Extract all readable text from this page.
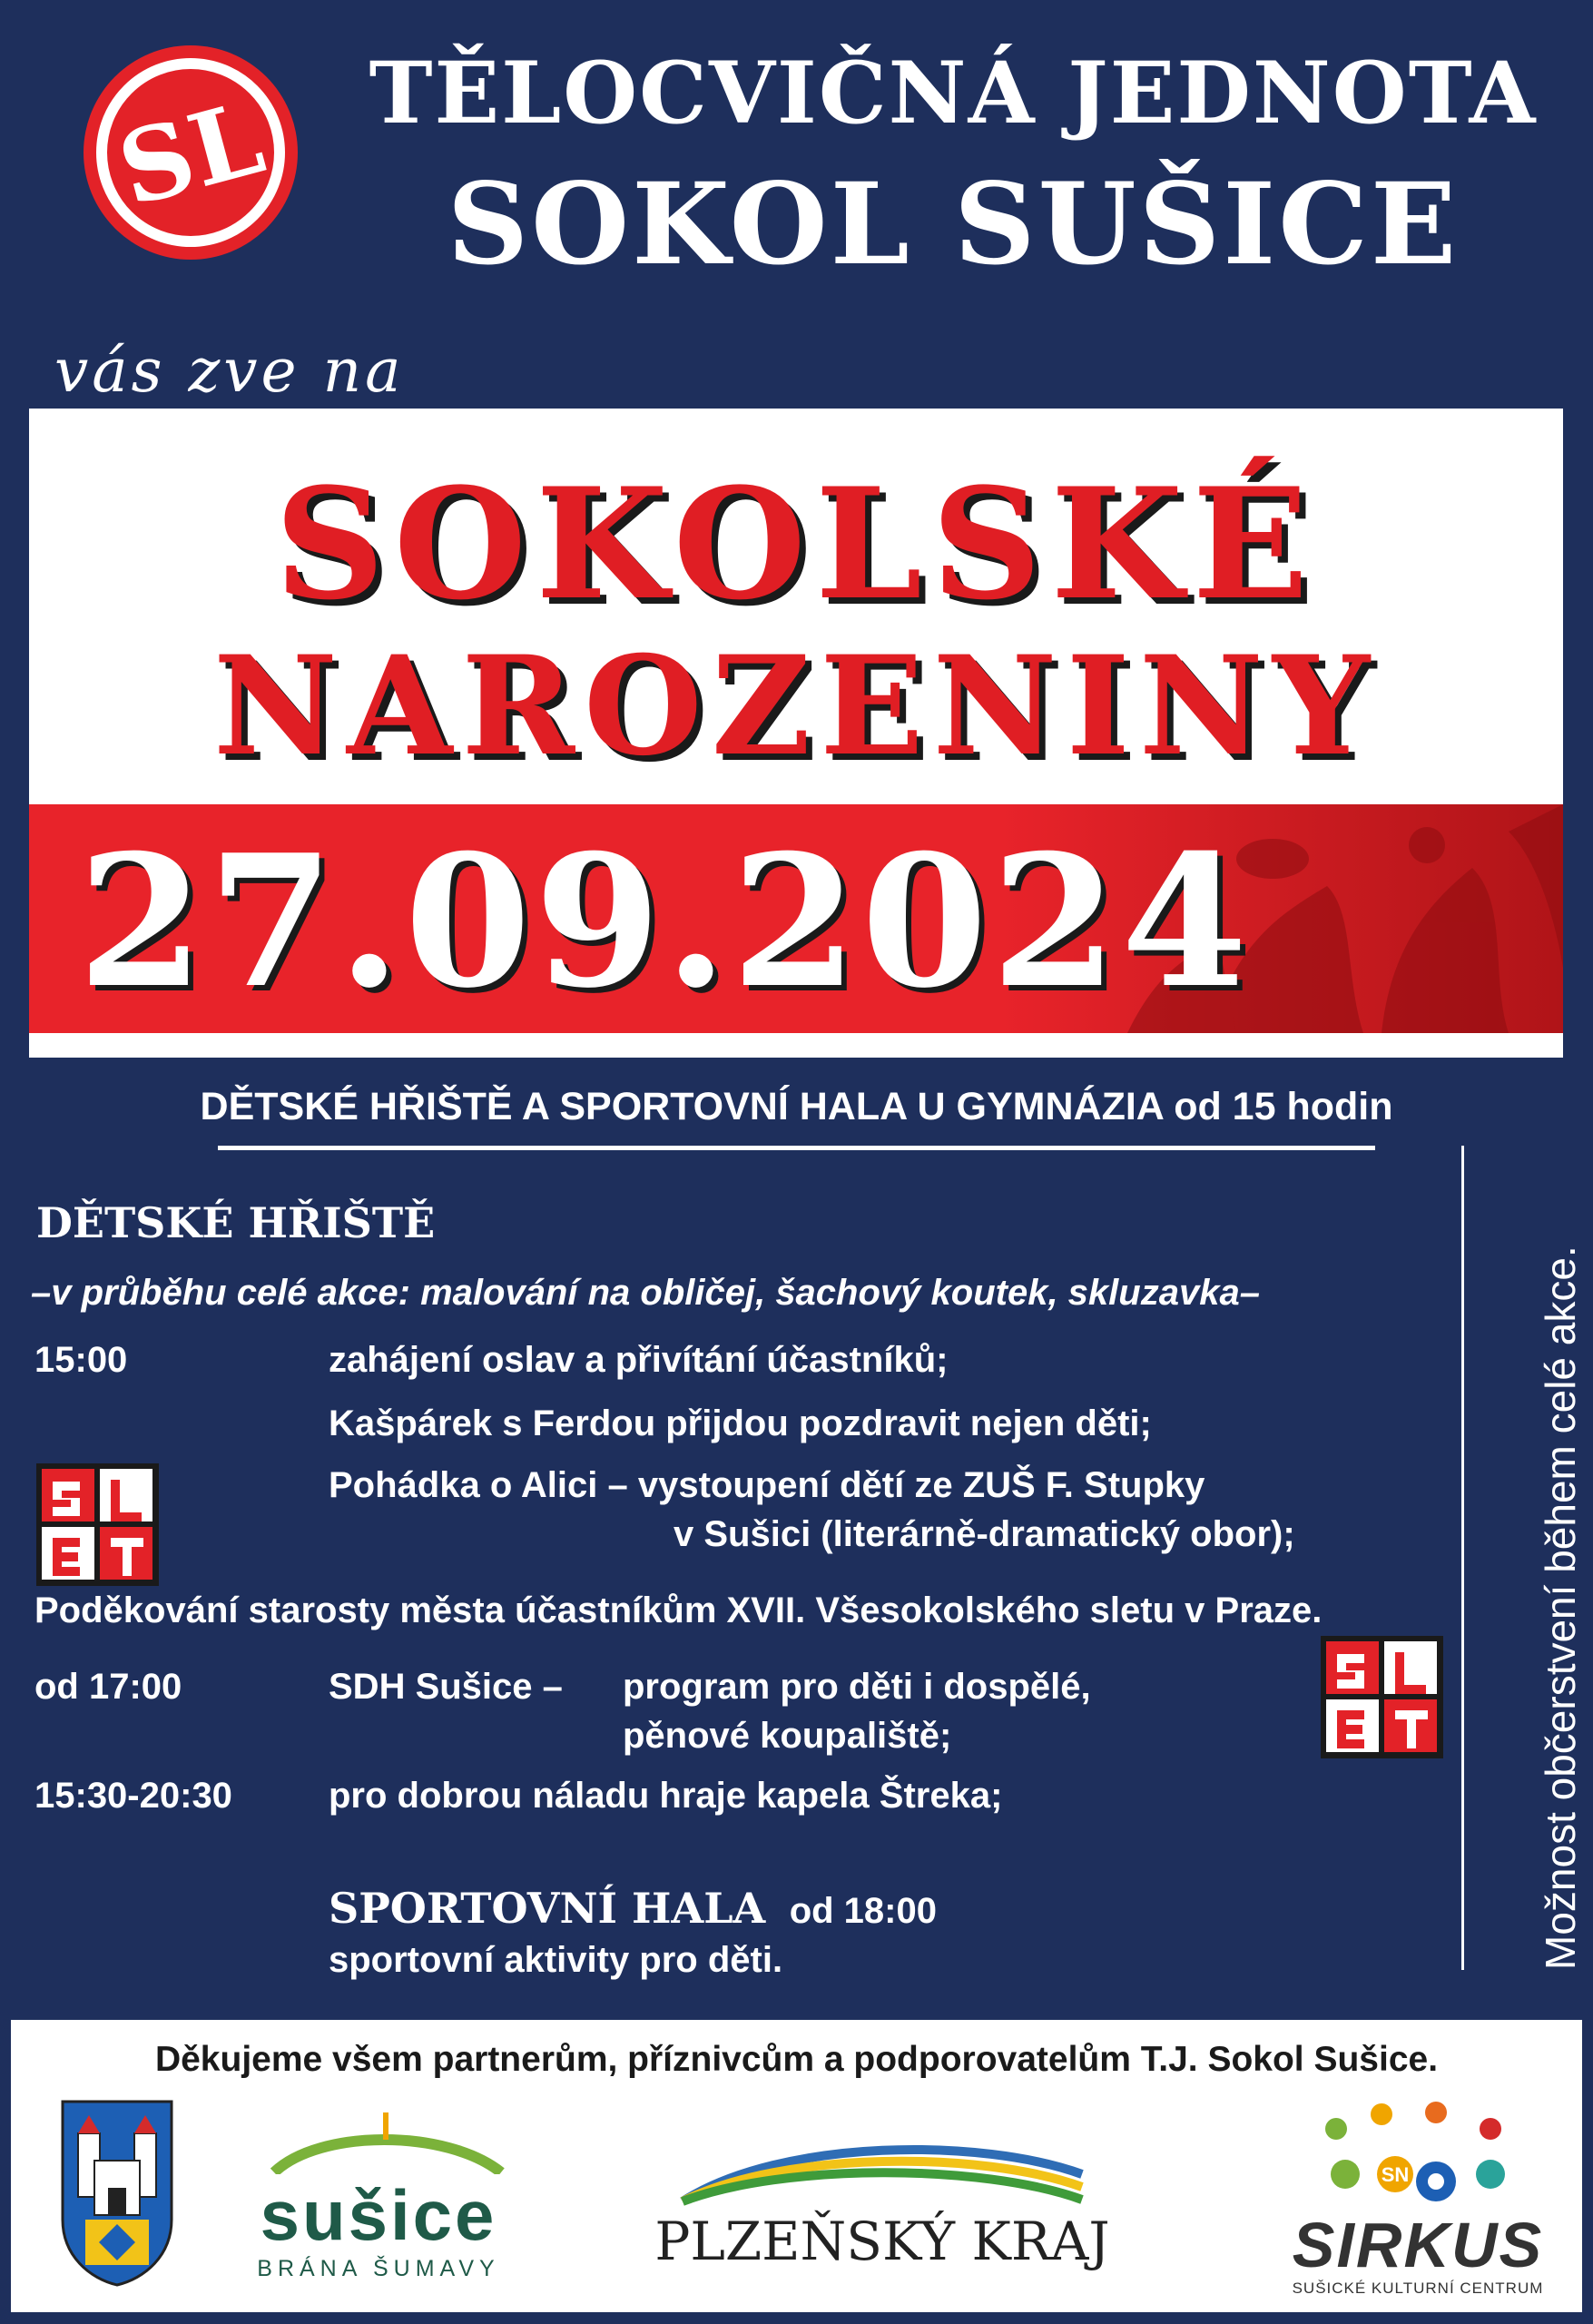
SL TĚLOCVIČNÁ JEDNOTA
SOKOL SUŠICE
vás zve na
SOKOLSKÉ
NAROZENINY
27.09.2024
DĚTSKÉ HŘIŠTĚ A SPORTOVNÍ HALA U GYMNÁZIA od 15 hodin
DĚTSKÉ HŘIŠTĚ
–v průběhu celé akce: malování na obličej, šachový koutek, skluzavka–
15:00	zahájení oslav a přivítání účastníků;
Kašpárek s Ferdou přijdou pozdravit nejen děti;
Pohádka o Alici – vystoupení dětí ze ZUŠ F. Stupky
v Sušici (literárně-dramatický obor);
Poděkování starosty města účastníkům XVII. Všesokolského sletu v Praze.
od 17:00	SDH Sušice – program pro děti i dospělé,
pěnové koupaliště;
15:30-20:30	pro dobrou náladu hraje kapela Štreka;
SPORTOVNÍ HALA od 18:00
sportovní aktivity pro děti.	Možnost občerstvení během celé akce.
Děkujeme všem partnerům, příznivcům a podporovatelům T.J. Sokol Sušice.
sušice
BRÁNA ŠUMAVY	PLZEŇSKÝ KRAJ
SN
SIRKUS
SUŠICKÉ KULTURNÍ CENTRUM
